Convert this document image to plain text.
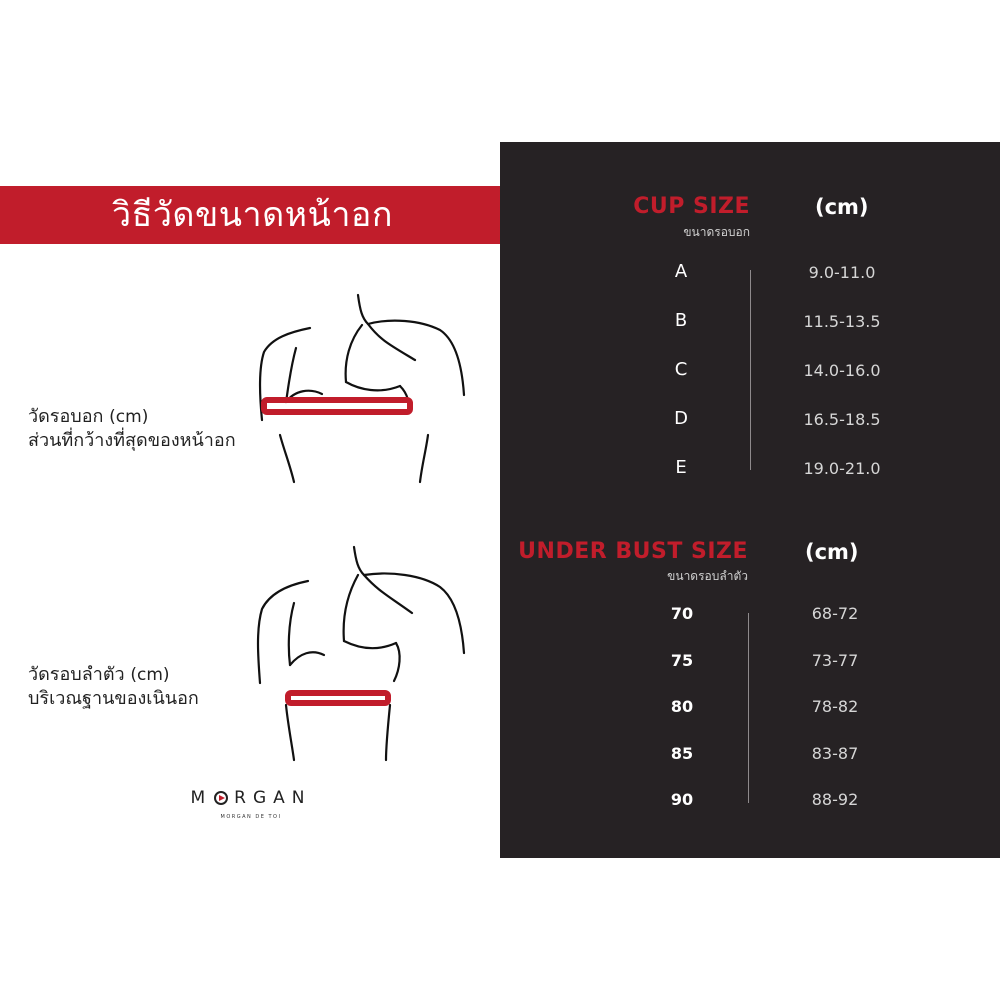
วิธีวัดขนาดหน้าอก
วัดรอบอก (cm)
ส่วนที่กว้างที่สุดของหน้าอก
วัดรอบลำตัว (cm)
บริเวณฐานของเนินอก
M RGAN
MORGAN DE TOI
CUP SIZE
ขนาดรอบอก
(cm)
A	9.0-11.0
B	11.5-13.5
C	14.0-16.0
D	16.5-18.5
E	19.0-21.0
UNDER BUST SIZE
ขนาดรอบลำตัว
(cm)
70	68-72
75	73-77
80	78-82
85	83-87
90	88-92
